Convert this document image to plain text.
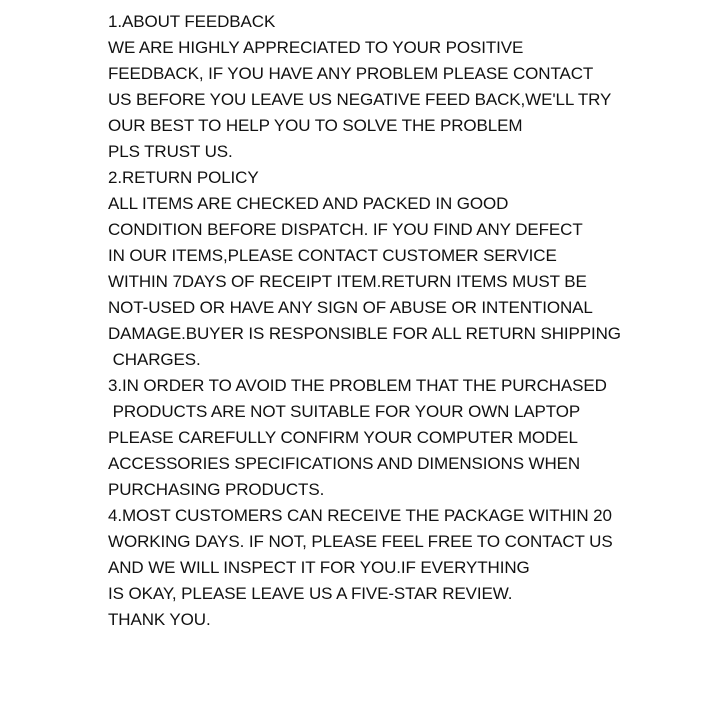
1.ABOUT FEEDBACK
WE ARE HIGHLY APPRECIATED TO YOUR POSITIVE
FEEDBACK, IF YOU HAVE ANY PROBLEM PLEASE CONTACT
US BEFORE YOU LEAVE US NEGATIVE FEED BACK,WE'LL TRY
OUR BEST TO HELP YOU TO SOLVE THE PROBLEM
PLS TRUST US.
2.RETURN POLICY
ALL ITEMS ARE CHECKED AND PACKED IN GOOD
CONDITION BEFORE DISPATCH. IF YOU FIND ANY DEFECT
IN OUR ITEMS,PLEASE CONTACT CUSTOMER SERVICE
WITHIN 7DAYS OF RECEIPT ITEM.RETURN ITEMS MUST BE
NOT-USED OR HAVE ANY SIGN OF ABUSE OR INTENTIONAL
DAMAGE.BUYER IS RESPONSIBLE FOR ALL RETURN SHIPPING
CHARGES.
3.IN ORDER TO AVOID THE PROBLEM THAT THE PURCHASED
PRODUCTS ARE NOT SUITABLE FOR YOUR OWN LAPTOP
PLEASE CAREFULLY CONFIRM YOUR COMPUTER MODEL
ACCESSORIES SPECIFICATIONS AND DIMENSIONS WHEN
PURCHASING PRODUCTS.
4.MOST CUSTOMERS CAN RECEIVE THE PACKAGE WITHIN 20
WORKING DAYS. IF NOT, PLEASE FEEL FREE TO CONTACT US
AND WE WILL INSPECT IT FOR YOU.IF EVERYTHING
IS OKAY, PLEASE LEAVE US A FIVE-STAR REVIEW.
THANK YOU.
